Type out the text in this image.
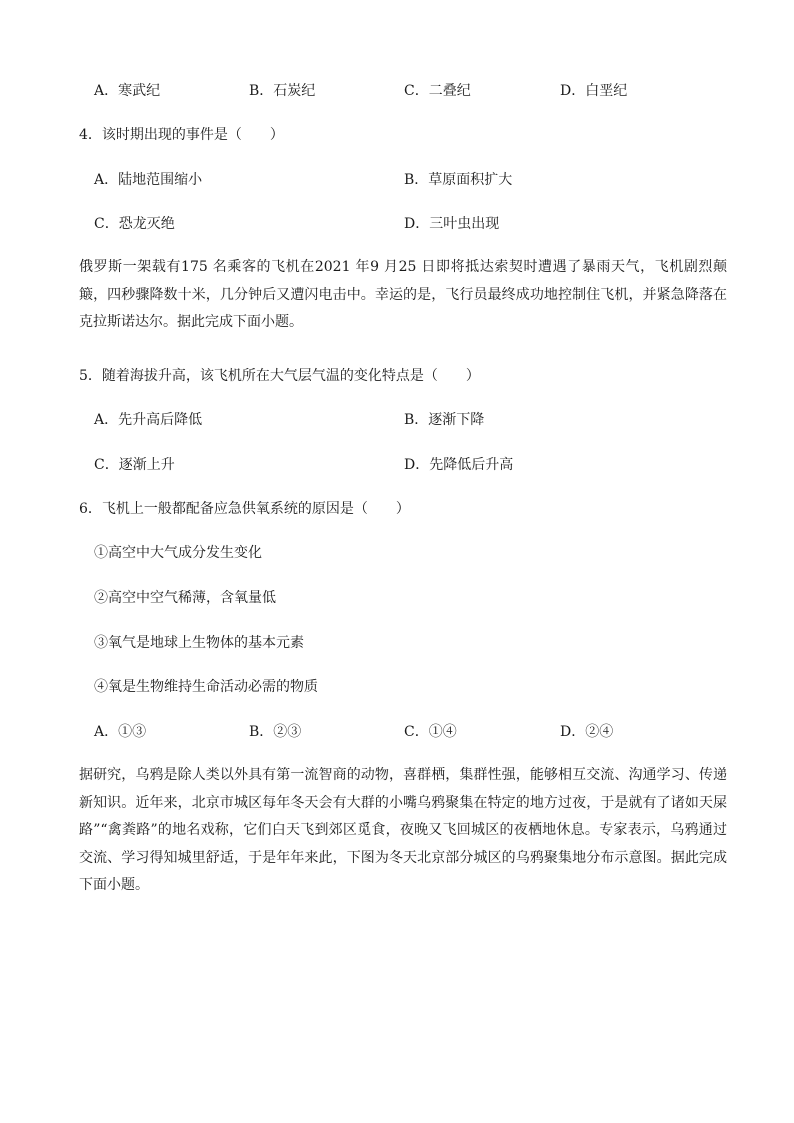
A．寒武纪	B．石炭纪	C．二叠纪	D．白垩纪
4．该时期出现的事件是（　　）
A．陆地范围缩小	B．草原面积扩大
C．恐龙灭绝	D．三叶虫出现
俄罗斯一架载有175 名乘客的飞机在2021 年9 月25 日即将抵达索契时遭遇了暴雨天气，飞机剧烈颠簸，四秒骤降数十米，几分钟后又遭闪电击中。幸运的是，飞行员最终成功地控制住飞机，并紧急降落在克拉斯诺达尔。据此完成下面小题。
5．随着海拔升高，该飞机所在大气层气温的变化特点是（　　）
A．先升高后降低	B．逐渐下降
C．逐渐上升	D．先降低后升高
6．飞机上一般都配备应急供氧系统的原因是（　　）
①高空中大气成分发生变化
②高空中空气稀薄，含氧量低
③氧气是地球上生物体的基本元素
④氧是生物维持生命活动必需的物质
A．①③	B．②③	C．①④	D．②④
据研究，乌鸦是除人类以外具有第一流智商的动物，喜群栖，集群性强，能够相互交流、沟通学习、传递新知识。近年来，北京市城区每年冬天会有大群的小嘴乌鸦聚集在特定的地方过夜，于是就有了诸如天屎路”“禽粪路”的地名戏称，它们白天飞到郊区觅食，夜晚又飞回城区的夜栖地休息。专家表示，乌鸦通过交流、学习得知城里舒适，于是年年来此，下图为冬天北京部分城区的乌鸦聚集地分布示意图。据此完成下面小题。
